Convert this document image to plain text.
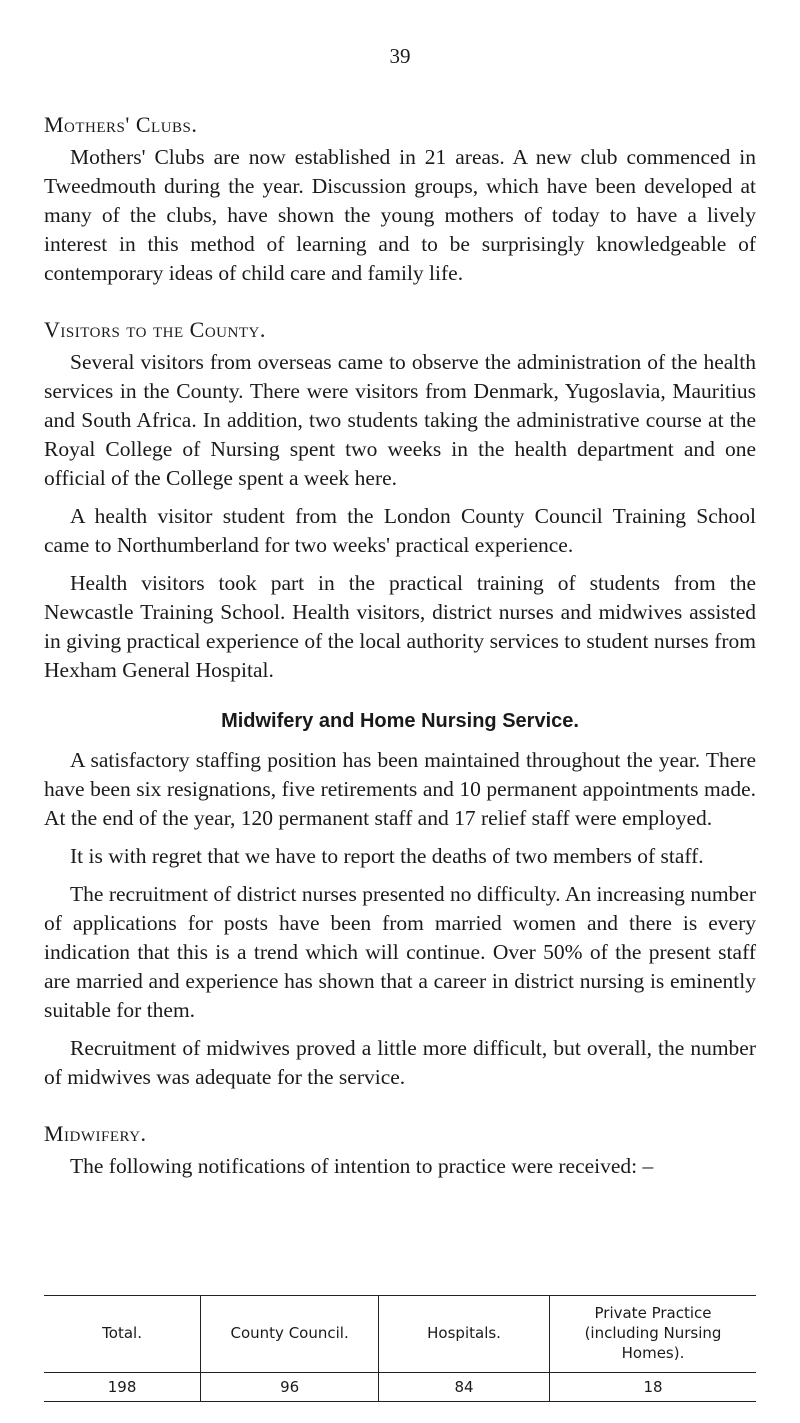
39
Mothers' Clubs.

Mothers' Clubs are now established in 21 areas. A new club commenced in Tweedmouth during the year. Discussion groups, which have been developed at many of the clubs, have shown the young mothers of today to have a lively interest in this method of learning and to be surprisingly knowledgeable of contemporary ideas of child care and family life.

Visitors to the County.

Several visitors from overseas came to observe the administration of the health services in the County. There were visitors from Denmark, Yugoslavia, Mauritius and South Africa. In addition, two students taking the administrative course at the Royal College of Nursing spent two weeks in the health department and one official of the College spent a week here.

A health visitor student from the London County Council Training School came to Northumberland for two weeks' practical experience.

Health visitors took part in the practical training of students from the Newcastle Training School. Health visitors, district nurses and midwives assisted in giving practical experience of the local authority services to student nurses from Hexham General Hospital.

Midwifery and Home Nursing Service.

A satisfactory staffing position has been maintained throughout the year. There have been six resignations, five retirements and 10 permanent appointments made. At the end of the year, 120 permanent staff and 17 relief staff were employed.

It is with regret that we have to report the deaths of two members of staff.

The recruitment of district nurses presented no difficulty. An increasing number of applications for posts have been from married women and there is every indication that this is a trend which will continue. Over 50% of the present staff are married and experience has shown that a career in district nursing is eminently suitable for them.

Recruitment of midwives proved a little more difficult, but overall, the number of midwives was adequate for the service.

Midwifery.

The following notifications of intention to practice were received: –

Total.	County Council.	Hospitals.	Private Practice (including Nursing Homes).
198	96	84	18
